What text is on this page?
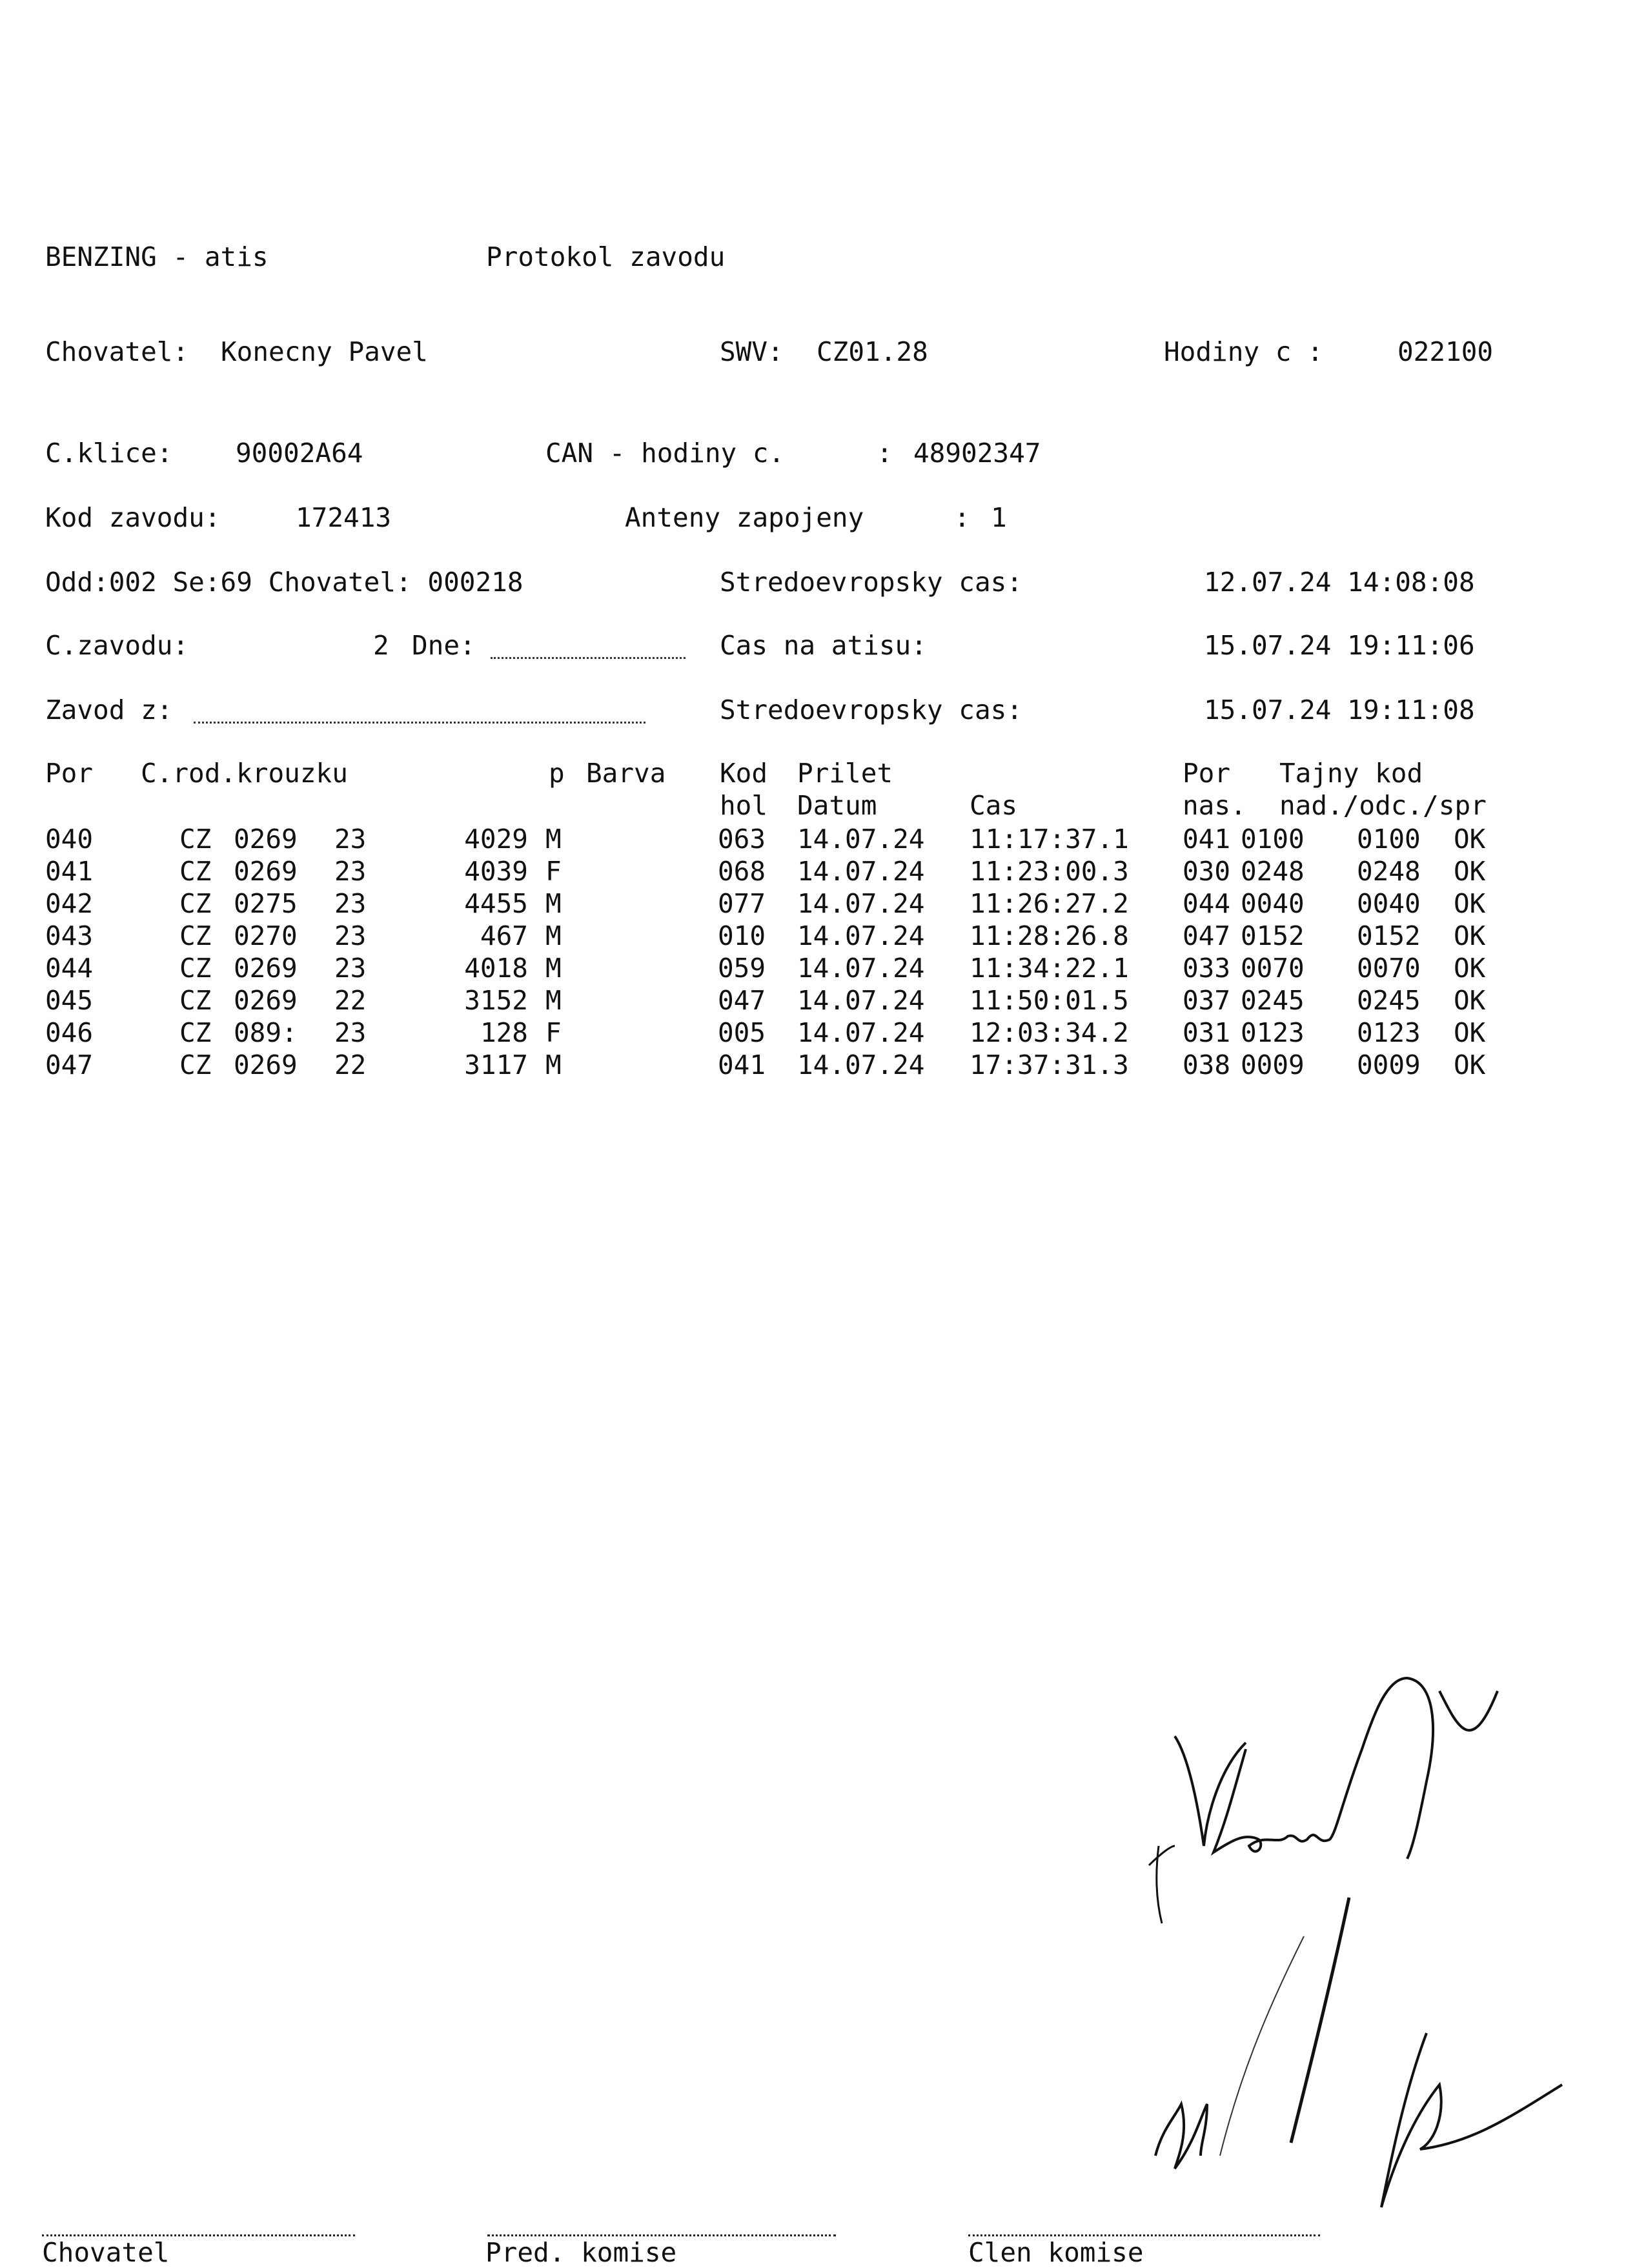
BENZING - atis	Protokol zavodu
Chovatel: Konecny Pavel	SWV: CZ01.28	Hodiny c :	022100
C.klice: 90002A64	CAN - hodiny c.	: 48902347
Kod zavodu:	172413	Anteny zapojeny	: 1
Odd:002 Se:69 Chovatel: 000218	Stredoevropsky cas:	12.07.24 14:08:08
C.zavodu:	2 Dne:	Cas na atisu:	15.07.24 19:11:06
Zavod z:	Stredoevropsky cas:	15.07.24 19:11:08
Por C.rod.krouzku	p Barva Kod Prilet	Por Tajny kod
hol Datum	Cas	nas. nad./odc./spr
040	CZ 0269 23	4029 M	063 14.07.24 11:17:37.1 041 0100 0100 OK
041	CZ 0269 23	4039 F	068 14.07.24 11:23:00.3 030 0248 0248 OK
042	CZ 0275 23	4455 M	077 14.07.24 11:26:27.2 044 0040 0040 OK
043	CZ 0270 23	467 M	010 14.07.24 11:28:26.8 047 0152 0152 OK
044	CZ 0269 23	4018 M	059 14.07.24 11:34:22.1 033 0070 0070 OK
045	CZ 0269 22	3152 M	047 14.07.24 11:50:01.5 037 0245 0245 OK
046	CZ 089: 23	128 F	005 14.07.24 12:03:34.2 031 0123 0123 OK
047	CZ 0269 22	3117 M	041 14.07.24 17:37:31.3 038 0009 0009 OK
Chovatel	Pred. komise	Clen komise
